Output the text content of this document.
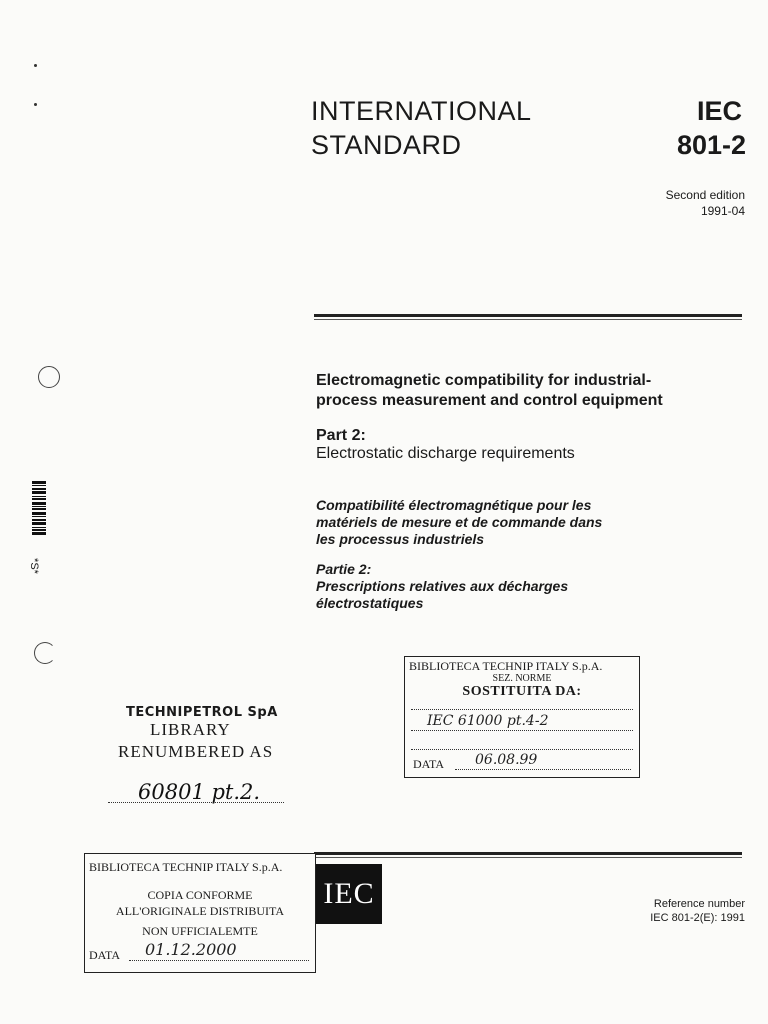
INTERNATIONAL
STANDARD
IEC
801-2
Second edition
1991-04
*S*
Electromagnetic compatibility for industrial-
process measurement and control equipment
Part 2:
Electrostatic discharge requirements
Compatibilité électromagnétique pour les
matériels de mesure et de commande dans
les processus industriels
Partie 2:
Prescriptions relatives aux décharges
électrostatiques
BIBLIOTECA TECHNIP ITALY S.p.A.
SEZ. NORME
SOSTITUITA DA:
IEC 61000 pt.4-2
DATA 06.08.99
TECHNIPETROL SpA
LIBRARY
RENUMBERED AS
60801 pt.2.
BIBLIOTECA TECHNIP ITALY S.p.A.
COPIA CONFORME
ALL'ORIGINALE DISTRIBUITA
NON UFFICIALEMTE
DATA 01.12.2000
IEC	Reference number
IEC 801-2(E): 1991
